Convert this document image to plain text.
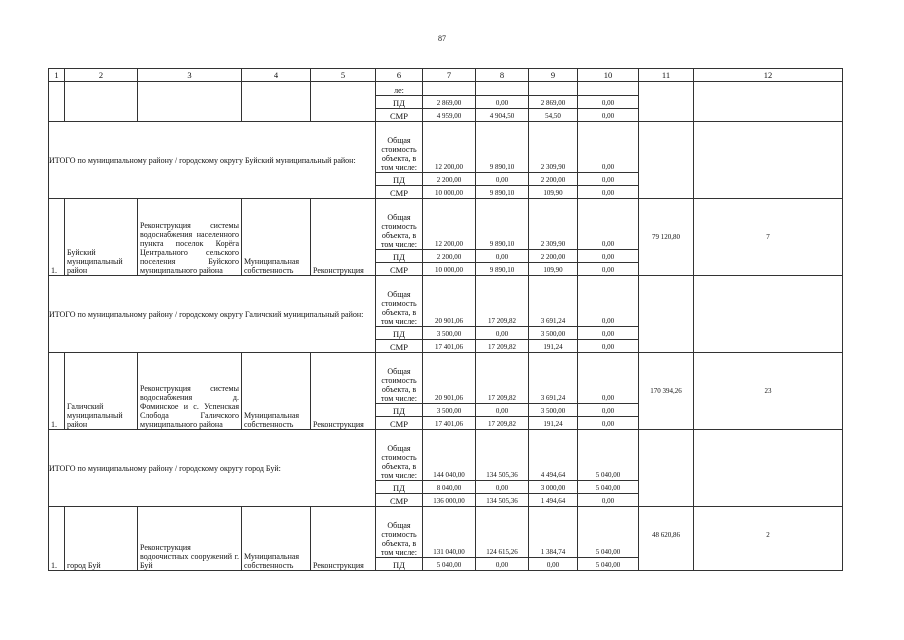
87
1	2	3	4	5	6	7	8	9	10	11	12
					ле:						
					ПД	2 869,00	0,00	2 869,00	0,00		
					СМР	4 959,00	4 904,50	54,50	0,00		
ИТОГО по муниципальному району / городскому округу Буйский муниципальный район:					Общая стоимость объекта, в том числе:	12 200,00	9 890,10	2 309,90	0,00		
					ПД	2 200,00	0,00	2 200,00	0,00		
					СМР	10 000,00	9 890,10	109,90	0,00		
1.	Буйский муниципальный район	Реконструкция системы водоснабжения населенного пункта поселок Корёга Центрального сельского поселения Буйского муниципального района	Муниципальная собственность	Реконструкция	Общая стоимость объекта, в том числе:	12 200,00	9 890,10	2 309,90	0,00	79 120,80	7
					ПД	2 200,00	0,00	2 200,00	0,00		
					СМР	10 000,00	9 890,10	109,90	0,00		
ИТОГО по муниципальному району / городскому округу Галичский муниципальный район:					Общая стоимость объекта, в том числе:	20 901,06	17 209,82	3 691,24	0,00		
					ПД	3 500,00	0,00	3 500,00	0,00		
					СМР	17 401,06	17 209,82	191,24	0,00		
1.	Галичский муниципальный район	Реконструкция системы водоснабжения д. Фоминское и с. Успенская Слобода Галичского муниципального района	Муниципальная собственность	Реконструкция	Общая стоимость объекта, в том числе:	20 901,06	17 209,82	3 691,24	0,00	170 394,26	23
					ПД	3 500,00	0,00	3 500,00	0,00		
					СМР	17 401,06	17 209,82	191,24	0,00		
ИТОГО по муниципальному району / городскому округу город Буй:					Общая стоимость объекта, в том числе:	144 040,00	134 505,36	4 494,64	5 040,00		
					ПД	8 040,00	0,00	3 000,00	5 040,00		
					СМР	136 000,00	134 505,36	1 494,64	0,00		
1.	город Буй	Реконструкция водоочистных сооружений г. Буй	Муниципальная собственность	Реконструкция	Общая стоимость объекта, в том числе:	131 040,00	124 615,26	1 384,74	5 040,00	48 620,86	2
					ПД	5 040,00	0,00	0,00	5 040,00		
